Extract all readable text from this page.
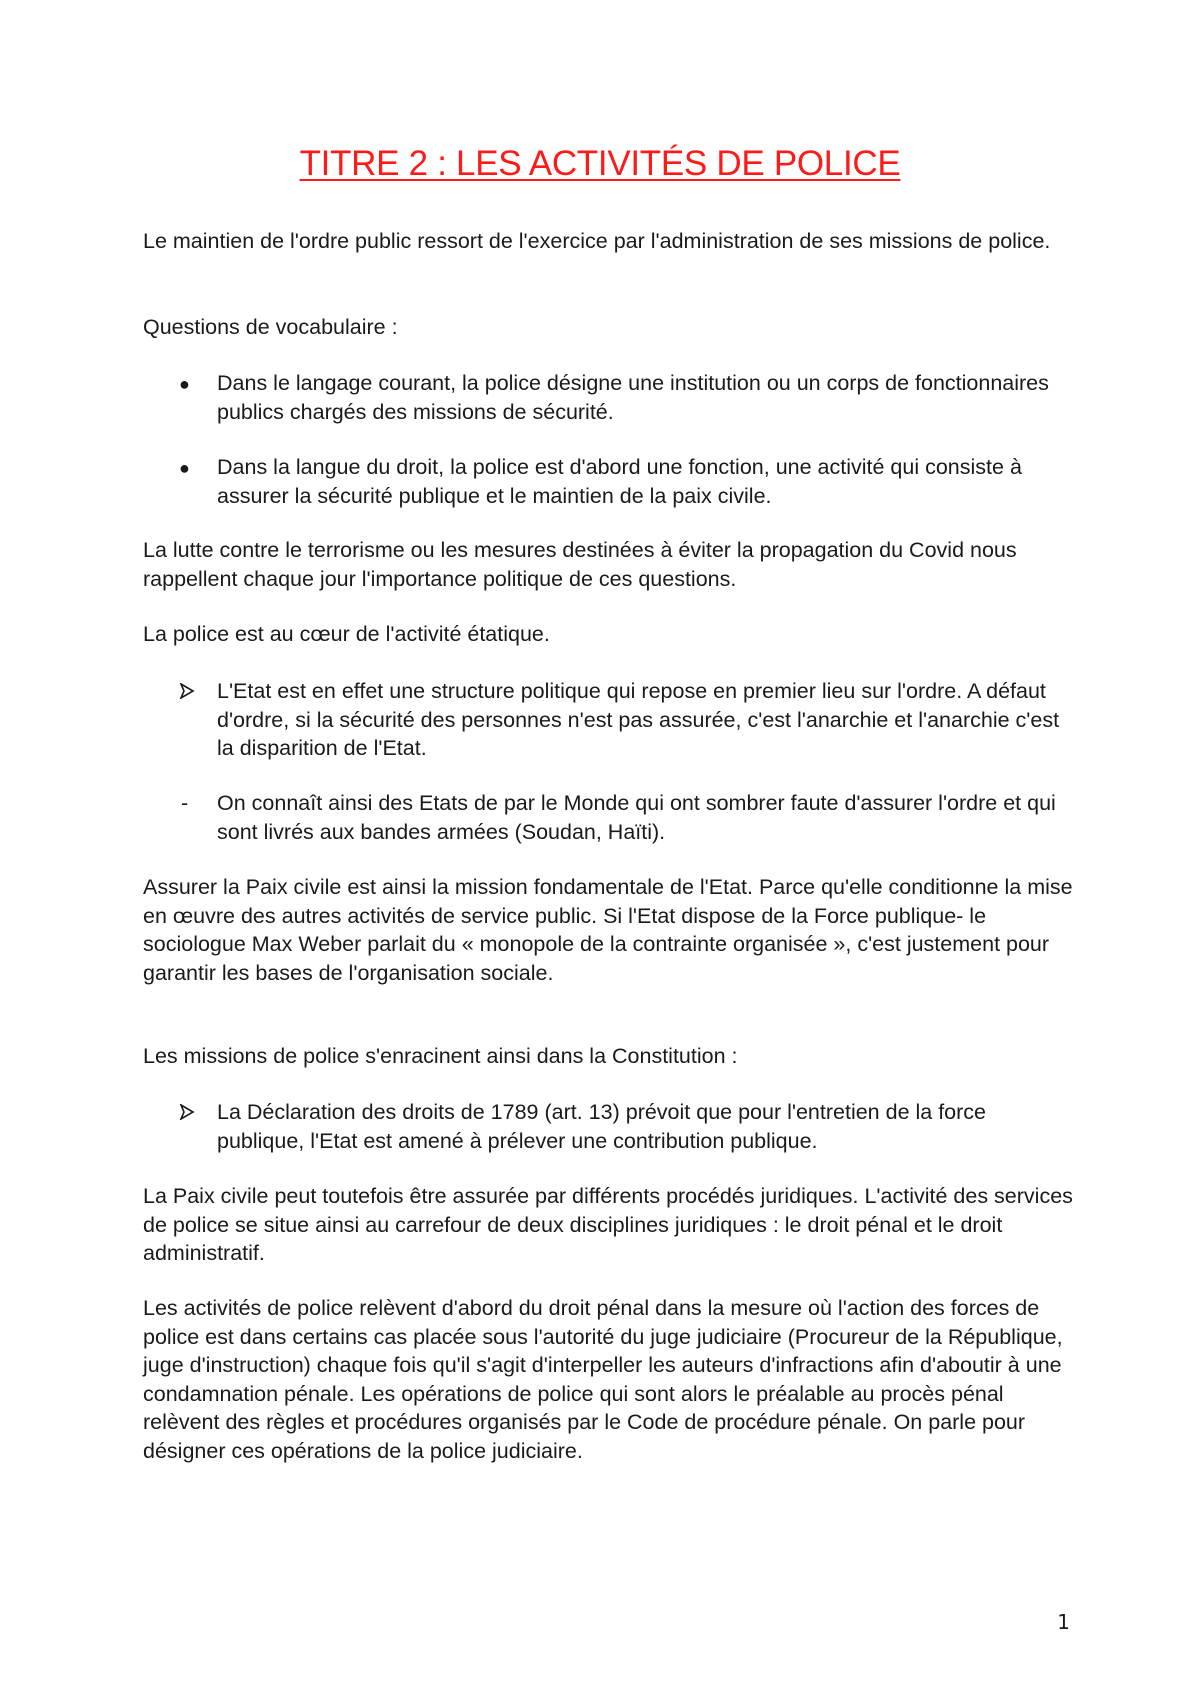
TITRE 2 : LES ACTIVITÉS DE POLICE

Le maintien de l'ordre public ressort de l'exercice par l'administration de ses missions de police.

Questions de vocabulaire :

●	Dans le langage courant, la police désigne une institution ou un corps de fonctionnaires publics chargés des missions de sécurité.
●	Dans la langue du droit, la police est d'abord une fonction, une activité qui consiste à assurer la sécurité publique et le maintien de la paix civile.

La lutte contre le terrorisme ou les mesures destinées à éviter la propagation du Covid nous rappellent chaque jour l'importance politique de ces questions.

La police est au cœur de l'activité étatique.

L'Etat est en effet une structure politique qui repose en premier lieu sur l'ordre. A défaut d'ordre, si la sécurité des personnes n'est pas assurée, c'est l'anarchie et l'anarchie c'est la disparition de l'Etat.
-	On connaît ainsi des Etats de par le Monde qui ont sombrer faute d'assurer l'ordre et qui sont livrés aux bandes armées (Soudan, Haïti).

Assurer la Paix civile est ainsi la mission fondamentale de l'Etat. Parce qu'elle conditionne la mise en œuvre des autres activités de service public. Si l'Etat dispose de la Force publique- le sociologue Max Weber parlait du « monopole de la contrainte organisée », c'est justement pour garantir les bases de l'organisation sociale.

Les missions de police s'enracinent ainsi dans la Constitution :

La Déclaration des droits de 1789 (art. 13) prévoit que pour l'entretien de la force publique, l'Etat est amené à prélever une contribution publique.

La Paix civile peut toutefois être assurée par différents procédés juridiques. L'activité des services de police se situe ainsi au carrefour de deux disciplines juridiques : le droit pénal et le droit administratif.

Les activités de police relèvent d'abord du droit pénal dans la mesure où l'action des forces de police est dans certains cas placée sous l'autorité du juge judiciaire (Procureur de la République, juge d'instruction) chaque fois qu'il s'agit d'interpeller les auteurs d'infractions afin d'aboutir à une condamnation pénale. Les opérations de police qui sont alors le préalable au procès pénal relèvent des règles et procédures organisés par le Code de procédure pénale. On parle pour désigner ces opérations de la police judiciaire.

1
